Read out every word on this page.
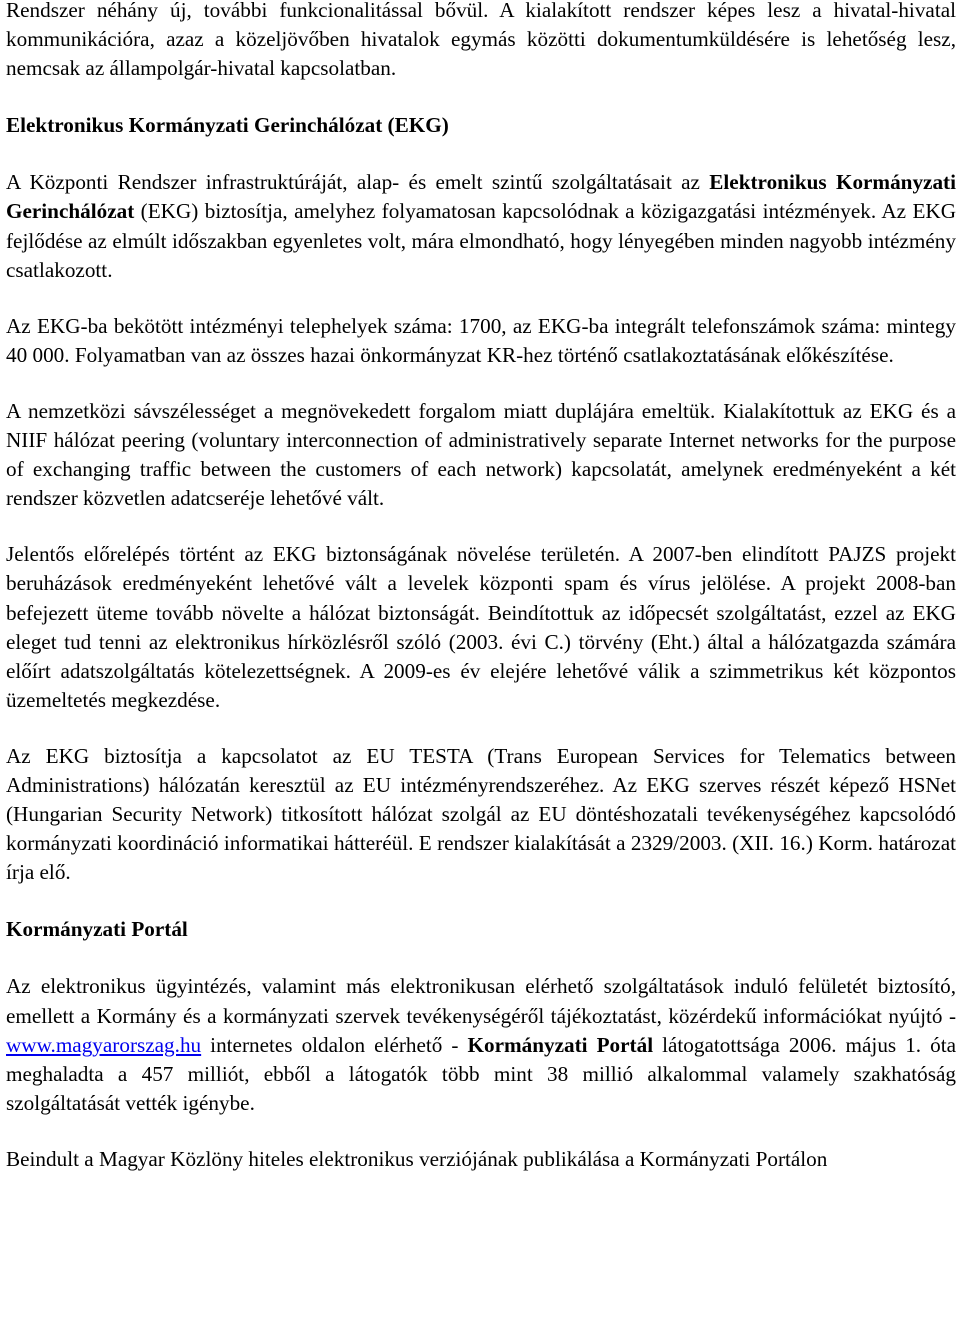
Rendszer néhány új, további funkcionalitással bővül. A kialakított rendszer képes lesz a hivatal-hivatal kommunikációra, azaz a közeljövőben hivatalok egymás közötti dokumentumküldésére is lehetőség lesz, nemcsak az állampolgár-hivatal kapcsolatban.

Elektronikus Kormányzati Gerinchálózat (EKG)

A Központi Rendszer infrastruktúráját, alap- és emelt szintű szolgáltatásait az Elektronikus Kormányzati Gerinchálózat (EKG) biztosítja, amelyhez folyamatosan kapcsolódnak a közigazgatási intézmények. Az EKG fejlődése az elmúlt időszakban egyenletes volt, mára elmondható, hogy lényegében minden nagyobb intézmény csatlakozott.

Az EKG-ba bekötött intézményi telephelyek száma: 1700, az EKG-ba integrált telefonszámok száma: mintegy 40 000. Folyamatban van az összes hazai önkormányzat KR-hez történő csatlakoztatásának előkészítése.

A nemzetközi sávszélességet a megnövekedett forgalom miatt duplájára emeltük. Kialakítottuk az EKG és a NIIF hálózat peering (voluntary interconnection of administratively separate Internet networks for the purpose of exchanging traffic between the customers of each network) kapcsolatát, amelynek eredményeként a két rendszer közvetlen adatcseréje lehetővé vált.

Jelentős előrelépés történt az EKG biztonságának növelése területén. A 2007-ben elindított PAJZS projekt beruházások eredményeként lehetővé vált a levelek központi spam és vírus jelölése. A projekt 2008-ban befejezett üteme tovább növelte a hálózat biztonságát. Beindítottuk az időpecsét szolgáltatást, ezzel az EKG eleget tud tenni az elektronikus hírközlésről szóló (2003. évi C.) törvény (Eht.) által a hálózatgazda számára előírt adatszolgáltatás kötelezettségnek. A 2009-es év elejére lehetővé válik a szimmetrikus két központos üzemeltetés megkezdése.

Az EKG biztosítja a kapcsolatot az EU TESTA (Trans European Services for Telematics between Administrations) hálózatán keresztül az EU intézményrendszeréhez. Az EKG szerves részét képező HSNet (Hungarian Security Network) titkosított hálózat szolgál az EU döntéshozatali tevékenységéhez kapcsolódó kormányzati koordináció informatikai hátteréül. E rendszer kialakítását a 2329/2003. (XII. 16.) Korm. határozat írja elő.

Kormányzati Portál

Az elektronikus ügyintézés, valamint más elektronikusan elérhető szolgáltatások induló felületét biztosító, emellett a Kormány és a kormányzati szervek tevékenységéről tájékoztatást, közérdekű információkat nyújtó - www.magyarorszag.hu internetes oldalon elérhető - Kormányzati Portál látogatottsága 2006. május 1. óta meghaladta a 457 milliót, ebből a látogatók több mint 38 millió alkalommal valamely szakhatóság szolgáltatását vették igénybe.

Beindult a Magyar Közlöny hiteles elektronikus verziójának publikálása a Kormányzati Portálon
